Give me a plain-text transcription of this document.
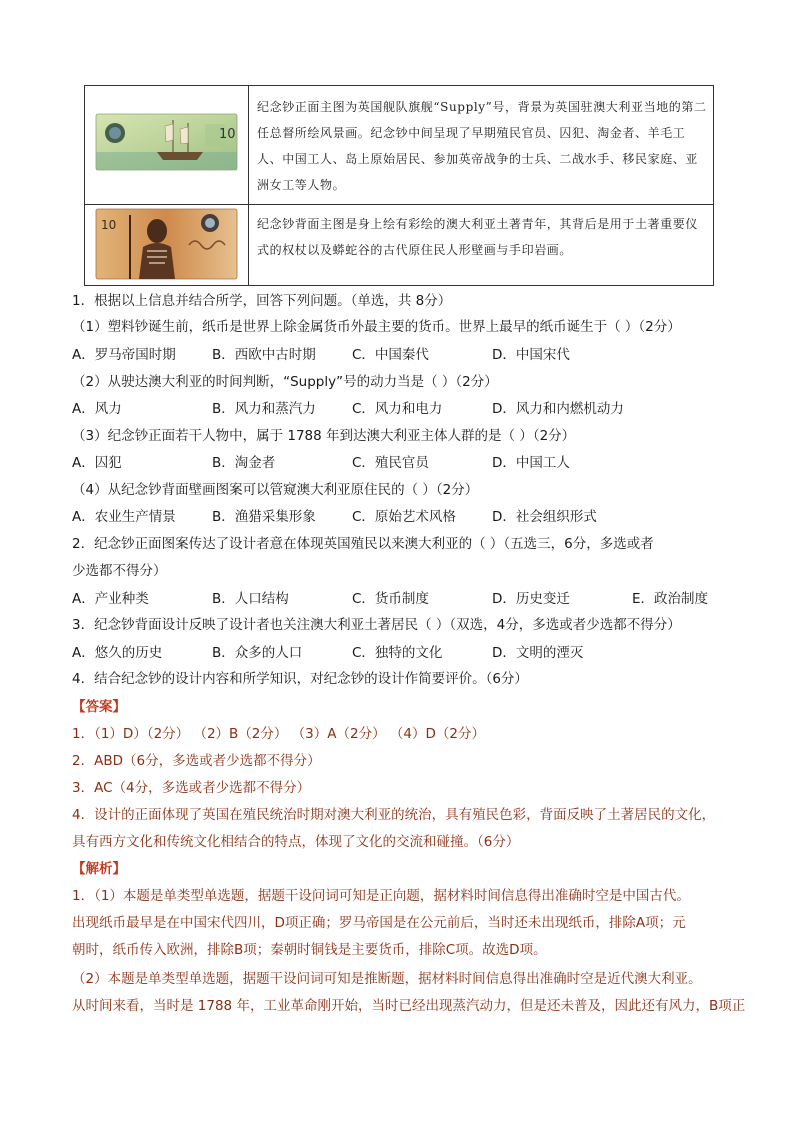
10
纪念钞正面主图为英国舰队旗舰“Supply”号，背景为英国驻澳大利亚当地的第二任总督所绘风景画。纪念钞中间呈现了早期殖民官员、囚犯、淘金者、羊毛工人、中国工人、岛上原始居民、参加英帝战争的士兵、二战水手、移民家庭、亚洲女工等人物。
10	纪念钞背面主图是身上绘有彩绘的澳大利亚土著青年，其背后是用于土著重要仪式的权杖以及蟒蛇谷的古代原住民人形壁画与手印岩画。
1．根据以上信息并结合所学，回答下列问题。（单选，共 8分）
（1）塑料钞诞生前，纸币是世界上除金属货币外最主要的货币。世界上最早的纸币诞生于（ ）（2分）
A．罗马帝国时期	B．西欧中古时期	C．中国秦代	D．中国宋代
（2）从驶达澳大利亚的时间判断，“Supply”号的动力当是（ ）（2分）
A．风力	B．风力和蒸汽力	C．风力和电力	D．风力和内燃机动力
（3）纪念钞正面若干人物中，属于 1788 年到达澳大利亚主体人群的是（ ）（2分）
A．囚犯	B．淘金者	C．殖民官员	D．中国工人
（4）从纪念钞背面壁画图案可以管窥澳大利亚原住民的（ ）（2分）
A．农业生产情景	B．渔猎采集形象	C．原始艺术风格	D．社会组织形式
2．纪念钞正面图案传达了设计者意在体现英国殖民以来澳大利亚的（ ）（五选三，6分，多选或者
少选都不得分）
A．产业种类	B．人口结构	C．货币制度	D．历史变迁	E．政治制度
3．纪念钞背面设计反映了设计者也关注澳大利亚土著居民（ ）（双选，4分，多选或者少选都不得分）
A．悠久的历史	B．众多的人口	C．独特的文化	D．文明的湮灭
4．结合纪念钞的设计内容和所学知识，对纪念钞的设计作简要评价。（6分）
【答案】
1．（1）D）（2分） （2）B（2分） （3）A（2分） （4）D（2分）
2．ABD（6分，多选或者少选都不得分）
3．AC（4分，多选或者少选都不得分）
4．设计的正面体现了英国在殖民统治时期对澳大利亚的统治，具有殖民色彩，背面反映了土著居民的文化，
具有西方文化和传统文化相结合的特点，体现了文化的交流和碰撞。（6分）
【解析】
1．（1）本题是单类型单选题，据题干设问词可知是正向题，据材料时间信息得出准确时空是中国古代。
出现纸币最早是在中国宋代四川，D项正确；罗马帝国是在公元前后，当时还未出现纸币，排除A项；元
朝时，纸币传入欧洲，排除B项；秦朝时铜钱是主要货币，排除C项。故选D项。
（2）本题是单类型单选题，据题干设问词可知是推断题，据材料时间信息得出准确时空是近代澳大利亚。
从时间来看，当时是 1788 年，工业革命刚开始，当时已经出现蒸汽动力，但是还未普及，因此还有风力，B项正
